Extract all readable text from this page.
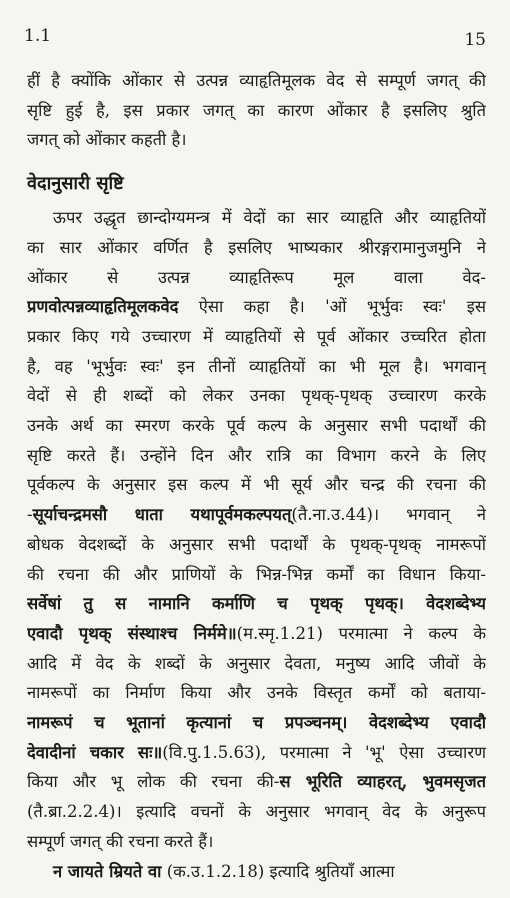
1.1	15
हीं है क्योंकि ओंकार से उत्पन्न व्याहृतिमूलक वेद से सम्पूर्ण जगत् की
सृष्टि हुई है, इस प्रकार जगत् का कारण ओंकार है इसलिए श्रुति
जगत् को ओंकार कहती है।
वेदानुसारी सृष्टि
ऊपर उद्धृत छान्दोग्यमन्त्र में वेदों का सार व्याहृति और व्याहृतियों
का सार ओंकार वर्णित है इसलिए भाष्यकार श्रीरङ्गरामानुजमुनि ने
ओंकार से उत्पन्न व्याहृतिरूप मूल वाला वेद-
प्रणवोत्पन्नव्याहृतिमूलकवेद ऐसा कहा है। 'ओं भूर्भुवः स्वः' इस
प्रकार किए गये उच्चारण में व्याहृतियों से पूर्व ओंकार उच्चरित होता
है, वह 'भूर्भुवः स्वः' इन तीनों व्याहृतियों का भी मूल है। भगवान्
वेदों से ही शब्दों को लेकर उनका पृथक्-पृथक् उच्चारण करके
उनके अर्थ का स्मरण करके पूर्व कल्प के अनुसार सभी पदार्थों की
सृष्टि करते हैं। उन्होंने दिन और रात्रि का विभाग करने के लिए
पूर्वकल्प के अनुसार इस कल्प में भी सूर्य और चन्द्र की रचना की
-सूर्याचन्द्रमसौ धाता यथापूर्वमकल्पयत्(तै.ना.उ.44)। भगवान् ने
बोधक वेदशब्दों के अनुसार सभी पदार्थों के पृथक्-पृथक् नामरूपों
की रचना की और प्राणियों के भिन्न-भिन्न कर्मों का विधान किया-
सर्वेषां तु स नामानि कर्माणि च पृथक् पृथक्। वेदशब्देभ्य
एवादौ पृथक् संस्थाश्च निर्ममे॥(म.स्मृ.1.21) परमात्मा ने कल्प के
आदि में वेद के शब्दों के अनुसार देवता, मनुष्य आदि जीवों के
नामरूपों का निर्माण किया और उनके विस्तृत कर्मों को बताया-
नामरूपं च भूतानां कृत्यानां च प्रपञ्चनम्। वेदशब्देभ्य एवादौ
देवादीनां चकार सः॥(वि.पु.1.5.63), परमात्मा ने 'भू' ऐसा उच्चारण
किया और भू लोक की रचना की-स भूरिति व्याहरत्, भुवमसृजत
(तै.ब्रा.2.2.4)। इत्यादि वचनों के अनुसार भगवान् वेद के अनुरूप
सम्पूर्ण जगत् की रचना करते हैं।
न जायते म्रियते वा (क.उ.1.2.18) इत्यादि श्रुतियाँ आत्मा
